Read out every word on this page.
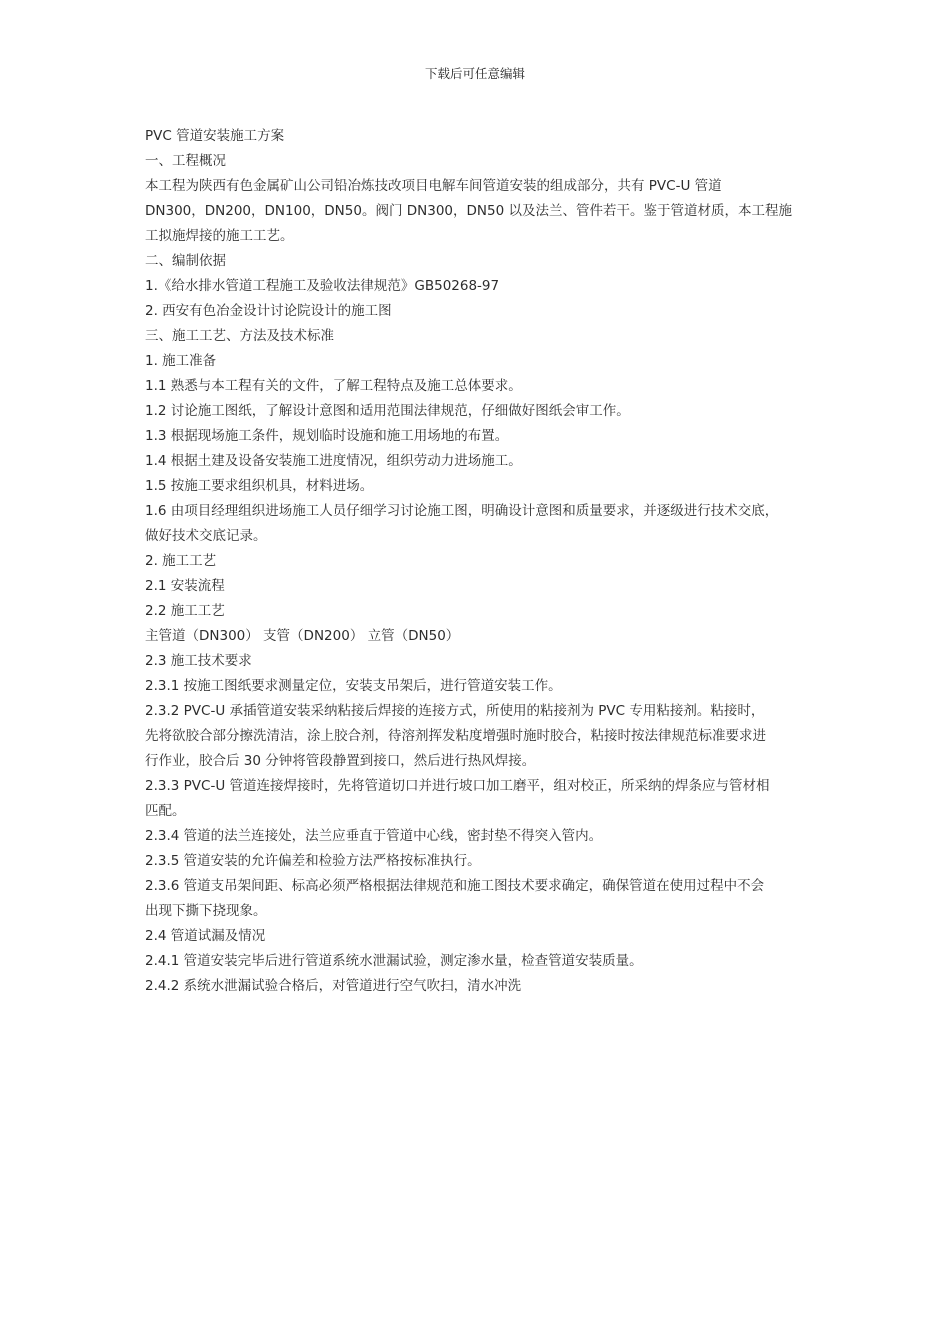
下载后可任意编辑
PVC 管道安装施工方案
一、工程概况
本工程为陕西有色金属矿山公司铅冶炼技改项目电解车间管道安装的组成部分，共有 PVC-U 管道
DN300，DN200，DN100，DN50。阀门 DN300，DN50 以及法兰、管件若干。鉴于管道材质，本工程施
工拟施焊接的施工工艺。
二、编制依据
1.《给水排水管道工程施工及验收法律规范》GB50268-97
2. 西安有色冶金设计讨论院设计的施工图
三、施工工艺、方法及技术标准
1. 施工准备
1.1 熟悉与本工程有关的文件，了解工程特点及施工总体要求。
1.2 讨论施工图纸，了解设计意图和适用范围法律规范，仔细做好图纸会审工作。
1.3 根据现场施工条件，规划临时设施和施工用场地的布置。
1.4 根据土建及设备安装施工进度情况，组织劳动力进场施工。
1.5 按施工要求组织机具，材料进场。
1.6 由项目经理组织进场施工人员仔细学习讨论施工图，明确设计意图和质量要求，并逐级进行技术交底，
做好技术交底记录。
2. 施工工艺
2.1 安装流程
2.2 施工工艺
主管道（DN300） 支管（DN200） 立管（DN50）
2.3 施工技术要求
2.3.1 按施工图纸要求测量定位，安装支吊架后，进行管道安装工作。
2.3.2 PVC-U 承插管道安装采纳粘接后焊接的连接方式，所使用的粘接剂为 PVC 专用粘接剂。粘接时，
先将欲胶合部分擦洗清洁，涂上胶合剂，待溶剂挥发粘度增强时施时胶合，粘接时按法律规范标准要求进
行作业，胶合后 30 分钟将管段静置到接口，然后进行热风焊接。
2.3.3 PVC-U 管道连接焊接时，先将管道切口并进行坡口加工磨平，组对校正，所采纳的焊条应与管材相
匹配。
2.3.4 管道的法兰连接处，法兰应垂直于管道中心线，密封垫不得突入管内。
2.3.5 管道安装的允许偏差和检验方法严格按标准执行。
2.3.6 管道支吊架间距、标高必须严格根据法律规范和施工图技术要求确定，确保管道在使用过程中不会
出现下撕下挠现象。
2.4 管道试漏及情况
2.4.1 管道安装完毕后进行管道系统水泄漏试验，测定渗水量，检查管道安装质量。
2.4.2 系统水泄漏试验合格后，对管道进行空气吹扫，清水冲洗
